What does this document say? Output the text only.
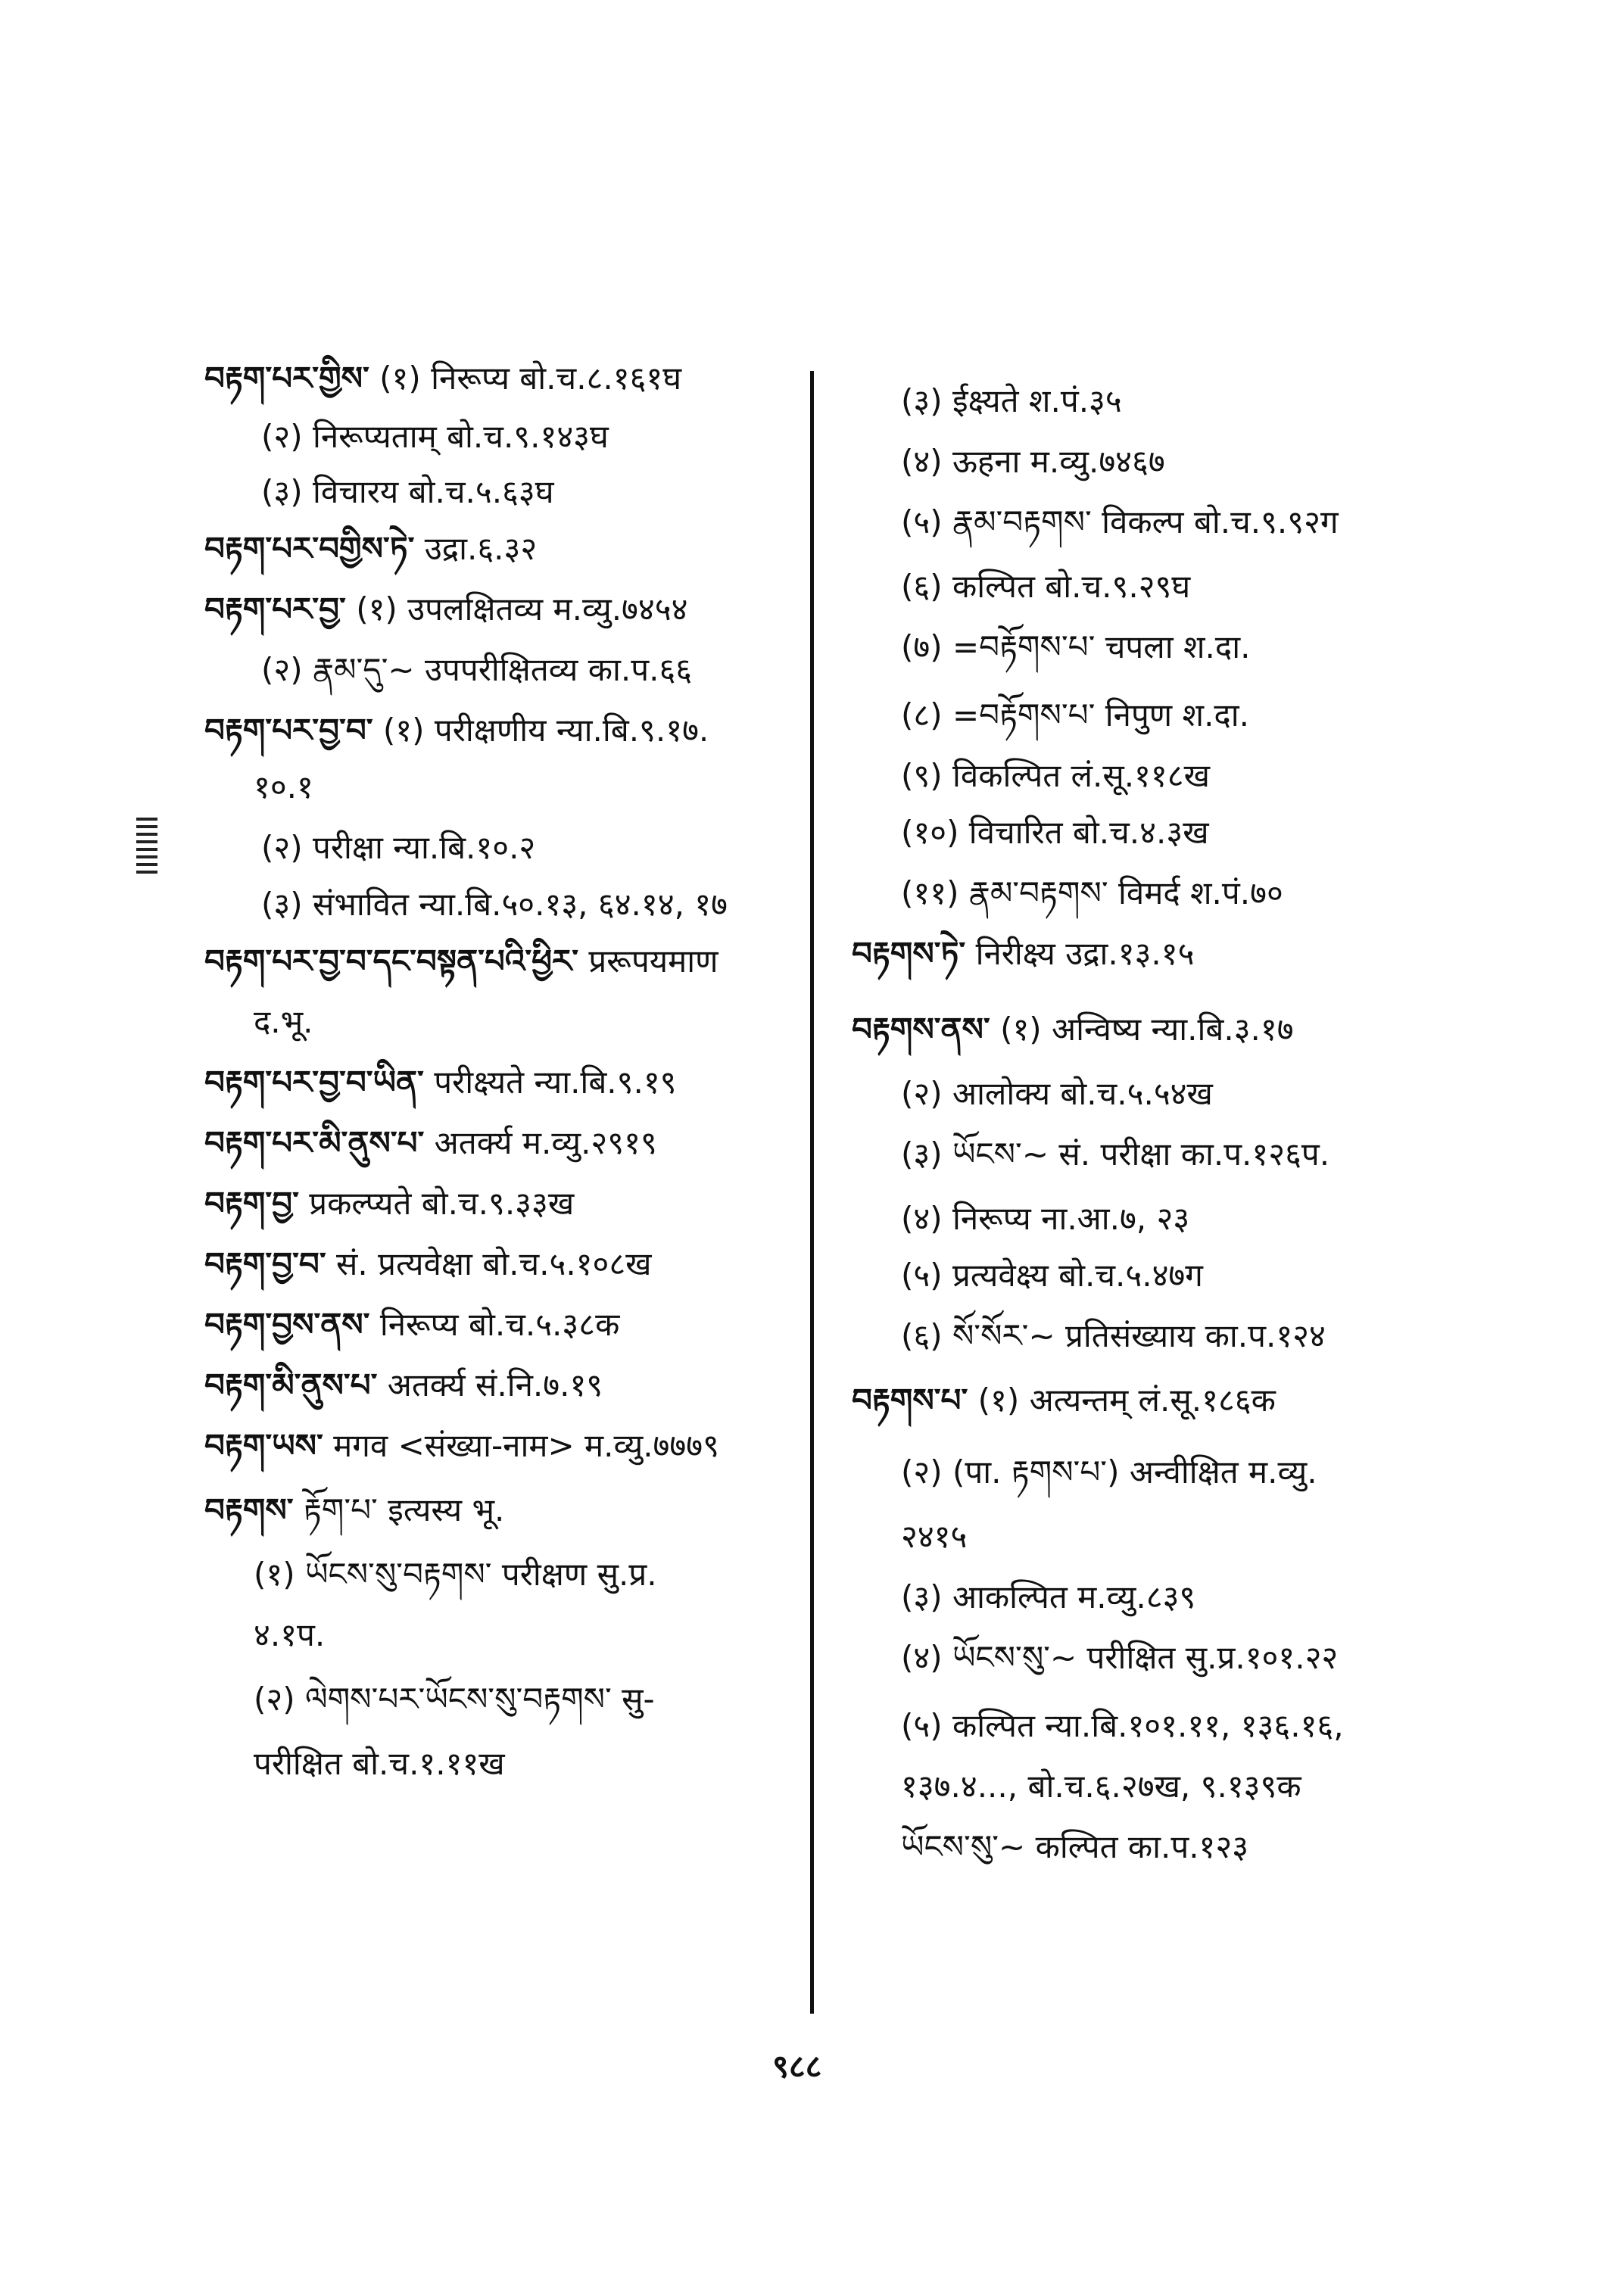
བརྟག་པར་གྱིས་ (१) निरूप्य बो.च.८.१६१घ
(२) निरूप्यताम् बो.च.९.१४३घ
(३) विचारय बो.च.५.६३घ
བརྟག་པར་བགྱིས་ཏེ་ उद्रा.६.३२
བརྟག་པར་བྱ་ (१) उपलक्षितव्य म.व्यु.७४५४
(२) རྣམ་དུ་~ उपपरीक्षितव्य का.प.६६
བརྟག་པར་བྱ་བ་ (१) परीक्षणीय न्या.बि.९.१७.
१०.१
(२) परीक्षा न्या.बि.१०.२
(३) संभावित न्या.बि.५०.१३, ६४.१४, १७
བརྟག་པར་བྱ་བ་དང་བསྟན་པའི་ཕྱིར་ प्ररूपयमाण
द.भू.
བརྟག་པར་བྱ་བ་ཡིན་ परीक्ष्यते न्या.बि.९.१९
བརྟག་པར་མི་ནུས་པ་ अतर्क्य म.व्यु.२९१९
བརྟག་བྱ་ प्रकल्प्यते बो.च.९.३३ख
བརྟག་བྱ་བ་ सं. प्रत्यवेक्षा बो.च.५.१०८ख
བརྟག་བྱས་ནས་ निरूप्य बो.च.५.३८क
བརྟག་མི་ནུས་པ་ अतर्क्य सं.नि.७.१९
བརྟག་ཡས་ मगव <संख्या-नाम> म.व्यु.७७७९
བརྟགས་ རྟོག་པ་ इत्यस्य भू.
(१) ཡོངས་སུ་བརྟགས་ परीक्षण सु.प्र.
४.१प.
(२) ལེགས་པར་ཡོངས་སུ་བརྟགས་ सु-
परीक्षित बो.च.१.११ख
(३) ईक्ष्यते श.पं.३५
(४) ऊहना म.व्यु.७४६७
(५) རྣམ་བརྟགས་ विकल्प बो.च.९.९२ग
(६) कल्पित बो.च.९.२९घ
(७) =བརྟོགས་པ་ चपला श.दा.
(८) =བརྟོགས་པ་ निपुण श.दा.
(९) विकल्पित लं.सू.११८ख
(१०) विचारित बो.च.४.३ख
(११) རྣམ་བརྟགས་ विमर्द श.पं.७०
བརྟགས་ཏེ་ निरीक्ष्य उद्रा.१३.१५
བརྟགས་ནས་ (१) अन्विष्य न्या.बि.३.१७
(२) आलोक्य बो.च.५.५४ख
(३) ཡོངས་~ सं. परीक्षा का.प.१२६प.
(४) निरूप्य ना.आ.७, २३
(५) प्रत्यवेक्ष्य बो.च.५.४७ग
(६) སོ་སོར་~ प्रतिसंख्याय का.प.१२४
བརྟགས་པ་ (१) अत्यन्तम् लं.सू.१८६क
(२) (पा. རྟགས་པ་) अन्वीक्षित म.व्यु.
२४१५
(३) आकल्पित म.व्यु.८३९
(४) ཡོངས་སུ་~ परीक्षित सु.प्र.१०१.२२
(५) कल्पित न्या.बि.१०१.११, १३६.१६,
१३७.४..., बो.च.६.२७ख, ९.१३९क
ཡོངས་སུ་~ कल्पित का.प.१२३
९८८
